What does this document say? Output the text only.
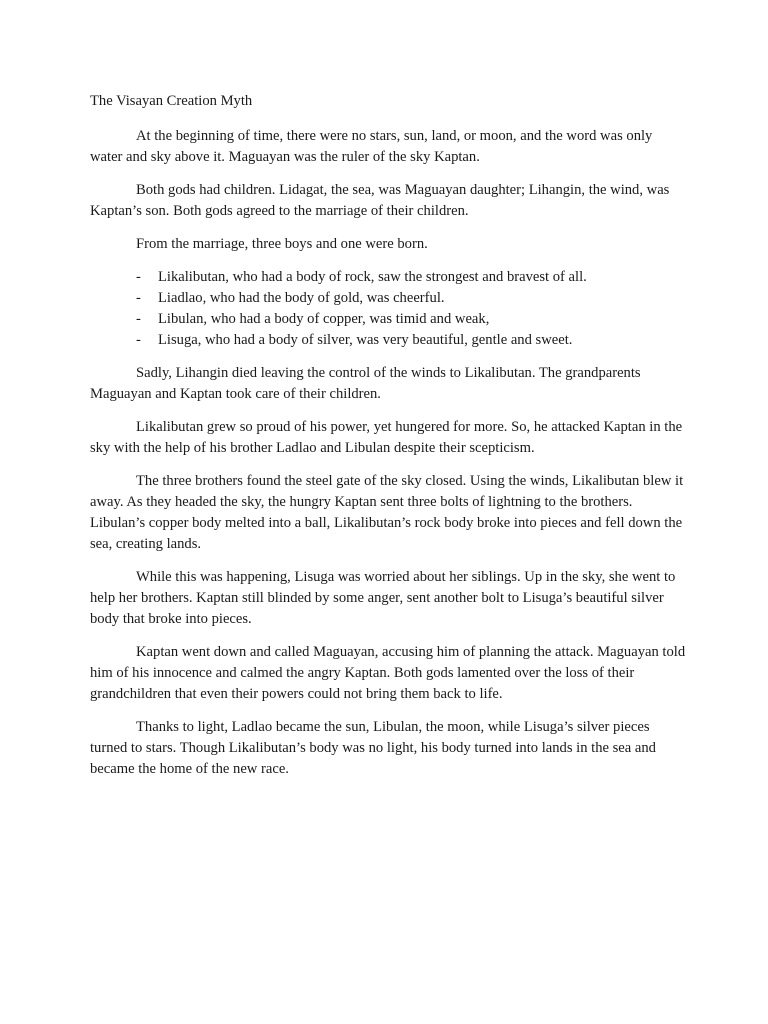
The Visayan Creation Myth

At the beginning of time, there were no stars, sun, land, or moon, and the word was only water and sky above it. Maguayan was the ruler of the sky Kaptan.

Both gods had children. Lidagat, the sea, was Maguayan daughter; Lihangin, the wind, was Kaptan’s son. Both gods agreed to the marriage of their children.

From the marriage, three boys and one were born.

- Likalibutan, who had a body of rock, saw the strongest and bravest of all.
- Liadlao, who had the body of gold, was cheerful.
- Libulan, who had a body of copper, was timid and weak,
- Lisuga, who had a body of silver, was very beautiful, gentle and sweet.

Sadly, Lihangin died leaving the control of the winds to Likalibutan. The grandparents Maguayan and Kaptan took care of their children.

Likalibutan grew so proud of his power, yet hungered for more. So, he attacked Kaptan in the sky with the help of his brother Ladlao and Libulan despite their scepticism.

The three brothers found the steel gate of the sky closed. Using the winds, Likalibutan blew it away. As they headed the sky, the hungry Kaptan sent three bolts of lightning to the brothers. Libulan’s copper body melted into a ball, Likalibutan’s rock body broke into pieces and fell down the sea, creating lands.

While this was happening, Lisuga was worried about her siblings. Up in the sky, she went to help her brothers. Kaptan still blinded by some anger, sent another bolt to Lisuga’s beautiful silver body that broke into pieces.

Kaptan went down and called Maguayan, accusing him of planning the attack. Maguayan told him of his innocence and calmed the angry Kaptan. Both gods lamented over the loss of their grandchildren that even their powers could not bring them back to life.

Thanks to light, Ladlao became the sun, Libulan, the moon, while Lisuga’s silver pieces turned to stars. Though Likalibutan’s body was no light, his body turned into lands in the sea and became the home of the new race.
